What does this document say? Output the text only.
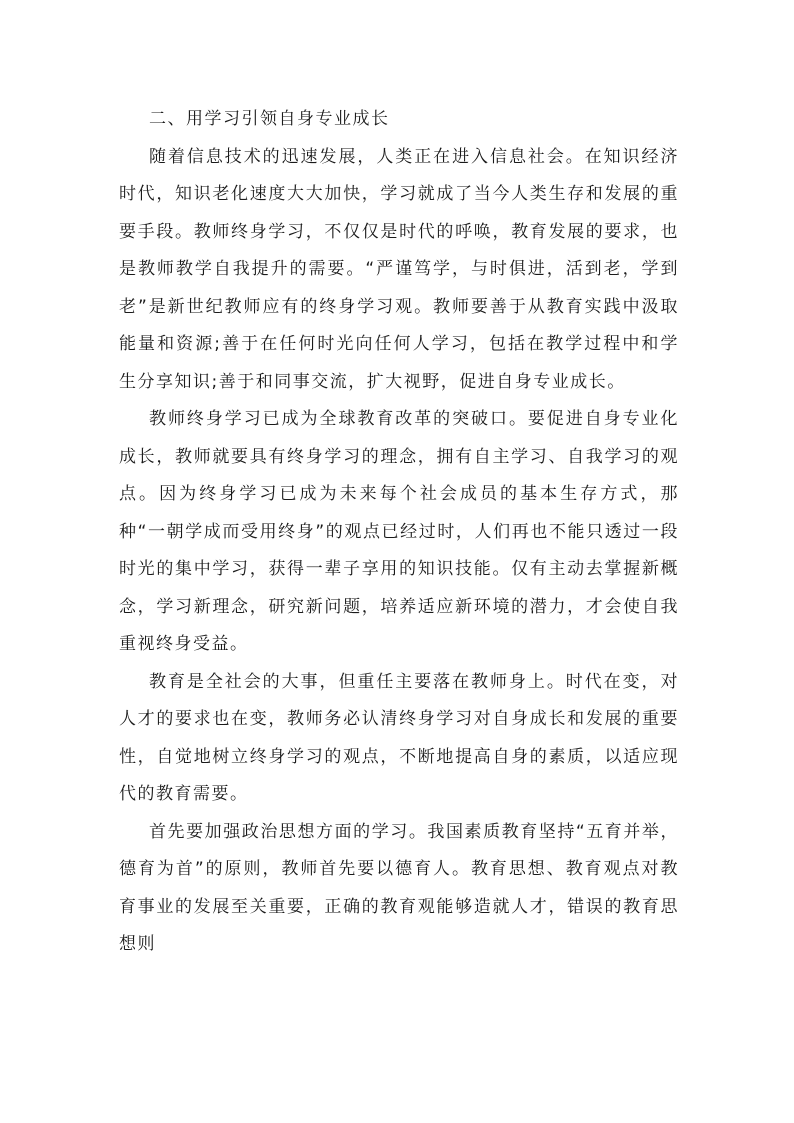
二、用学习引领自身专业成长

随着信息技术的迅速发展，人类正在进入信息社会。在知识经济时代，知识老化速度大大加快，学习就成了当今人类生存和发展的重要手段。教师终身学习，不仅仅是时代的呼唤，教育发展的要求，也是教师教学自我提升的需要。“严谨笃学，与时俱进，活到老，学到老”是新世纪教师应有的终身学习观。教师要善于从教育实践中汲取能量和资源;善于在任何时光向任何人学习，包括在教学过程中和学生分享知识;善于和同事交流，扩大视野，促进自身专业成长。

教师终身学习已成为全球教育改革的突破口。要促进自身专业化成长，教师就要具有终身学习的理念，拥有自主学习、自我学习的观点。因为终身学习已成为未来每个社会成员的基本生存方式，那种“一朝学成而受用终身”的观点已经过时，人们再也不能只透过一段时光的集中学习，获得一辈子享用的知识技能。仅有主动去掌握新概念，学习新理念，研究新问题，培养适应新环境的潜力，才会使自我重视终身受益。

教育是全社会的大事，但重任主要落在教师身上。时代在变，对人才的要求也在变，教师务必认清终身学习对自身成长和发展的重要性，自觉地树立终身学习的观点，不断地提高自身的素质，以适应现代的教育需要。

首先要加强政治思想方面的学习。我国素质教育坚持“五育并举，德育为首”的原则，教师首先要以德育人。教育思想、教育观点对教育事业的发展至关重要，正确的教育观能够造就人才，错误的教育思想则
